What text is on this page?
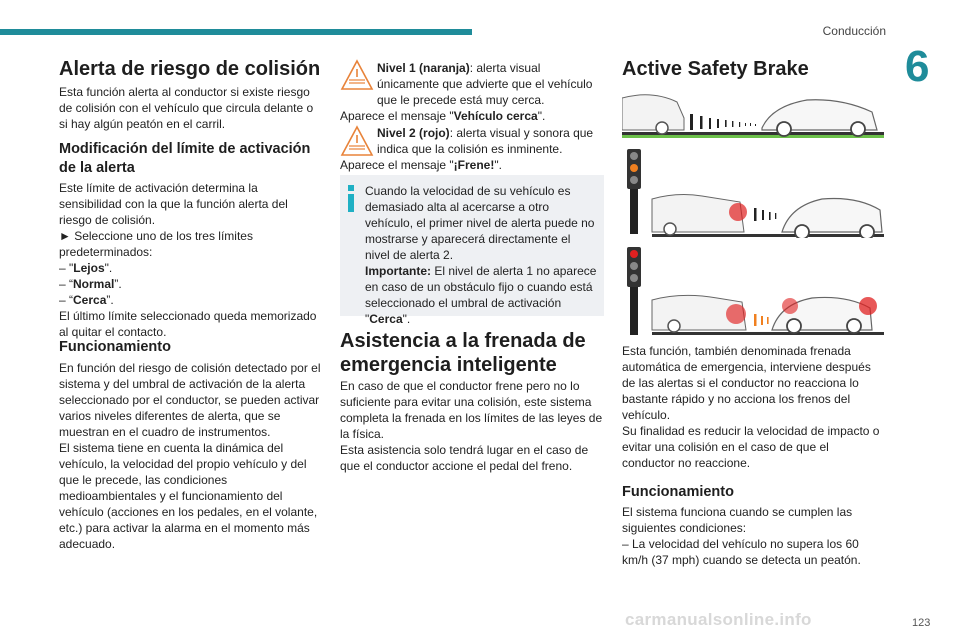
Conducción
6
Alerta de riesgo de colisión

Esta función alerta al conductor si existe riesgo de colisión con el vehículo que circula delante o si hay algún peatón en el carril.

Modificación del límite de activación de la alerta

Este límite de activación determina la sensibilidad con la que la función alerta del riesgo de colisión.

► Seleccione uno de los tres límites predeterminados:

– "Lejos".

– “Normal”.

– “Cerca”.

El último límite seleccionado queda memorizado al quitar el contacto.

Funcionamiento

En función del riesgo de colisión detectado por el sistema y del umbral de activación de la alerta seleccionado por el conductor, se pueden activar varios niveles diferentes de alerta, que se muestran en el cuadro de instrumentos.

El sistema tiene en cuenta la dinámica del vehículo, la velocidad del propio vehículo y del que le precede, las condiciones medioambientales y el funcionamiento del vehículo (acciones en los pedales, en el volante, etc.) para activar la alarma en el momento más adecuado.

Nivel 1 (naranja): alerta visual únicamente que advierte que el vehículo que le precede está muy cerca.

Aparece el mensaje "Vehículo cerca".

Nivel 2 (rojo): alerta visual y sonora que indica que la colisión es inminente.

Aparece el mensaje "¡Frene!".

Cuando la velocidad de su vehículo es demasiado alta al acercarse a otro vehículo, el primer nivel de alerta puede no mostrarse y aparecerá directamente el nivel de alerta 2.

Importante: El nivel de alerta 1 no aparece en caso de un obstáculo fijo o cuando está seleccionado el umbral de activación "Cerca".

Asistencia a la frenada de emergencia inteligente

En caso de que el conductor frene pero no lo suficiente para evitar una colisión, este sistema completa la frenada en los límites de las leyes de la física.

Esta asistencia solo tendrá lugar en el caso de que el conductor accione el pedal del freno.

Active Safety Brake

Esta función, también denominada frenada automática de emergencia, interviene después de las alertas si el conductor no reacciona lo bastante rápido y no acciona los frenos del vehículo.

Su finalidad es reducir la velocidad de impacto o evitar una colisión en el caso de que el conductor no reaccione.

Funcionamiento

El sistema funciona cuando se cumplen las siguientes condiciones:

– La velocidad del vehículo no supera los 60 km/h (37 mph) cuando se detecta un peatón.

carmanualsonline.info	123
